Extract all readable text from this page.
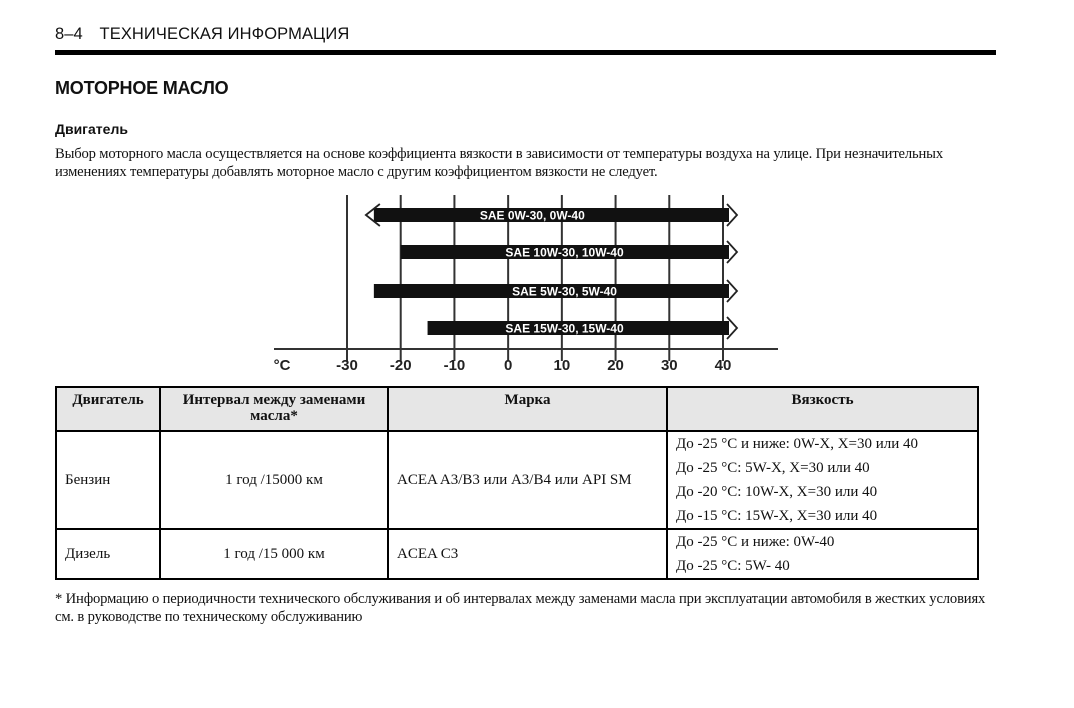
8–4 ТЕХНИЧЕСКАЯ ИНФОРМАЦИЯ
МОТОРНОЕ МАСЛО
Двигатель
Выбор моторного масла осуществляется на основе коэффициента вязкости в зависимости от температуры воздуха на улице. При незначительных изменениях температуры добавлять моторное масло с другим коэффициентом вязкости не следует.
SAE 0W-30, 0W-40
SAE 10W-30, 10W-40
SAE 5W-30, 5W-40
SAE 15W-30, 15W-40
°C	-30 -20 -10	0	10 20 30 40
Двигатель	Интервал между заменами масла*	Марка	Вязкость
Бензин	1 год /15000 км	ACEA A3/B3 или A3/B4 или API SM	До -25 °C и ниже: 0W-X, X=30 или 40
До -25 °C: 5W-X, X=30 или 40
До -20 °C: 10W-X, X=30 или 40
До -15 °C: 15W-X, X=30 или 40

Дизель	1 год /15 000 км	ACEA C3	До -25 °C и ниже: 0W-40
До -25 °C: 5W- 40
* Информацию о периодичности технического обслуживания и об интервалах между заменами масла при эксплуатации автомобиля в жестких условиях см. в руководстве по техническому обслуживанию
